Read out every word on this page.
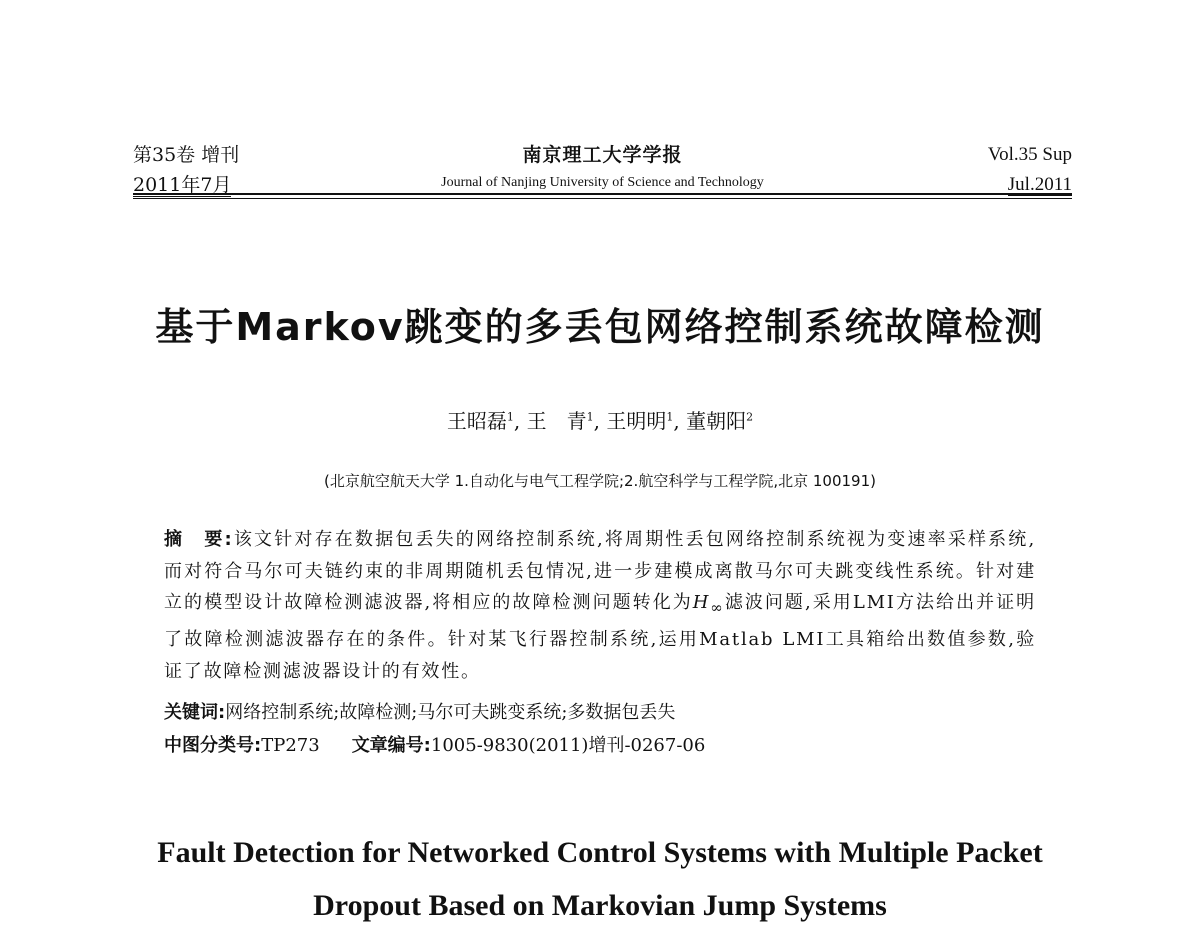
第35卷 增刊
2011年7月
南京理工大学学报
Journal of Nanjing University of Science and Technology
Vol.35 Sup
Jul.2011
基于Markov跳变的多丢包网络控制系统故障检测
王昭磊$^1$, 王　青$^1$, 王明明$^1$, 董朝阳$^2$
(北京航空航天大学 1.自动化与电气工程学院;2.航空科学与工程学院,北京 100191)
摘　要:该文针对存在数据包丢失的网络控制系统,将周期性丢包网络控制系统视为变速率采样系统,而对符合马尔可夫链约束的非周期随机丢包情况,进一步建模成离散马尔可夫跳变线性系统。针对建立的模型设计故障检测滤波器,将相应的故障检测问题转化为$H_\infty$滤波问题,采用LMI方法给出并证明了故障检测滤波器存在的条件。针对某飞行器控制系统,运用Matlab LMI工具箱给出数值参数,验证了故障检测滤波器设计的有效性。
关键词:网络控制系统;故障检测;马尔可夫跳变系统;多数据包丢失
中图分类号:TP273 文章编号:1005-9830(2011)增刊-0267-06
Fault Detection for Networked Control Systems with Multiple Packet
Dropout Based on Markovian Jump Systems
